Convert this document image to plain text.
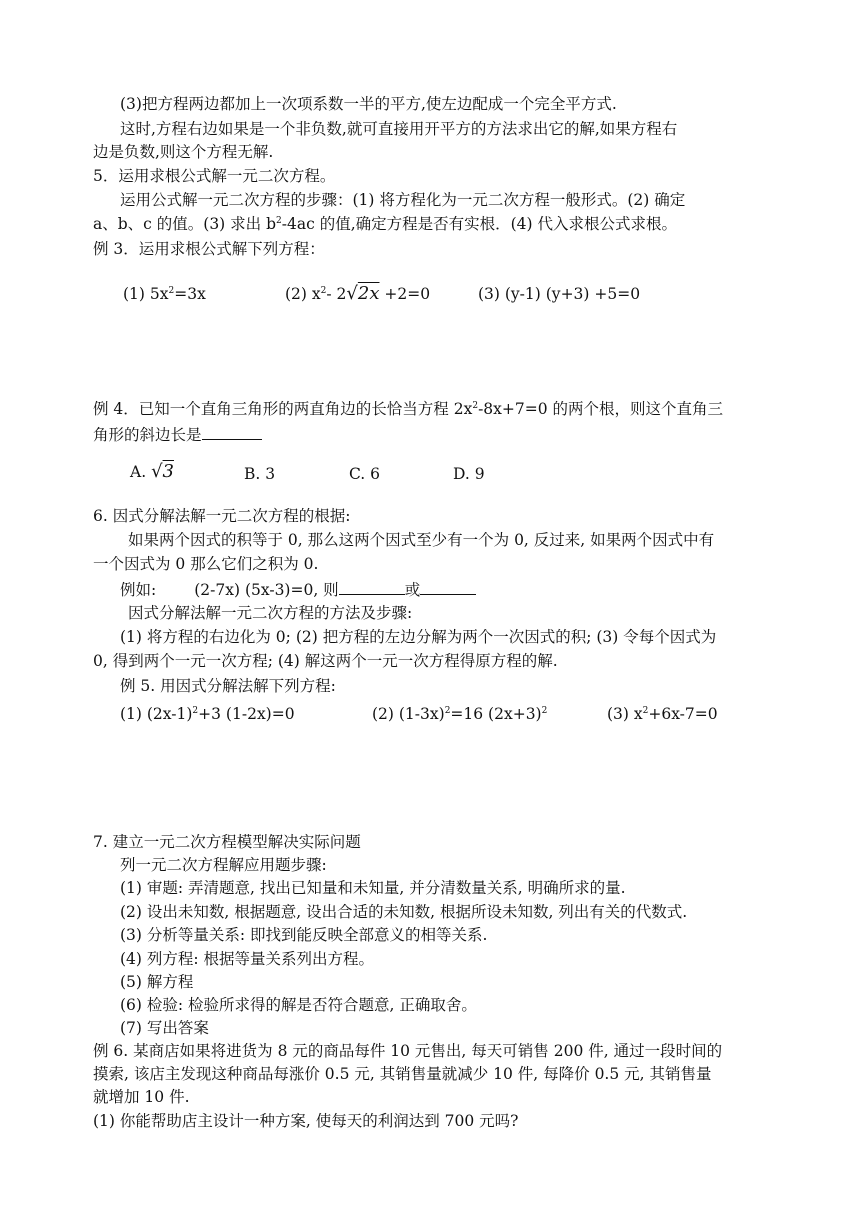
(3)把方程两边都加上一次项系数一半的平方,使左边配成一个完全平方式.
这时,方程右边如果是一个非负数,就可直接用开平方的方法求出它的解,如果方程右
边是负数,则这个方程无解.
5．运用求根公式解一元二次方程。
运用公式解一元二次方程的步骤：(1) 将方程化为一元二次方程一般形式。(2) 确定
a、b、c 的值。(3) 求出 $b^2-4ac$ 的值,确定方程是否有实根．(4) 代入求根公式求根。
例 3．运用求根公式解下列方程：
(1) $5x^2=3x$	(2) $x^2-$ 2√2x +2=0	(3) (y-1) (y+3) +5=0
例 4．已知一个直角三角形的两直角边的长恰当方程 $2x^2-8x+7=0$ 的两个根，则这个直角三
角形的斜边长是
A. √3	B. 3	C. 6	D. 9
6. 因式分解法解一元二次方程的根据:
如果两个因式的积等于 0, 那么这两个因式至少有一个为 0, 反过来, 如果两个因式中有
一个因式为 0 那么它们之积为 0.
例如: (2-7x) (5x-3)=0, 则	或
因式分解法解一元二次方程的方法及步骤:
(1) 将方程的右边化为 0; (2) 把方程的左边分解为两个一次因式的积; (3) 令每个因式为
0, 得到两个一元一次方程; (4) 解这两个一元一次方程得原方程的解.
例 5. 用因式分解法解下列方程:
(1) $(2x-1)^2+3$ (1-2x)=0	(2) $(1-3x)^2=16$ $(2x+3)^2$	(3) $x^2+6x-7=0$
7. 建立一元二次方程模型解决实际问题
列一元二次方程解应用题步骤:
(1) 审题: 弄清题意, 找出已知量和未知量, 并分清数量关系, 明确所求的量.
(2) 设出未知数, 根据题意, 设出合适的未知数, 根据所设未知数, 列出有关的代数式.
(3) 分析等量关系: 即找到能反映全部意义的相等关系.
(4) 列方程: 根据等量关系列出方程。
(5) 解方程
(6) 检验: 检验所求得的解是否符合题意, 正确取舍。
(7) 写出答案
例 6. 某商店如果将进货为 8 元的商品每件 10 元售出, 每天可销售 200 件, 通过一段时间的
摸索, 该店主发现这种商品每涨价 0.5 元, 其销售量就减少 10 件, 每降价 0.5 元, 其销售量
就增加 10 件.
(1) 你能帮助店主设计一种方案, 使每天的利润达到 700 元吗?
